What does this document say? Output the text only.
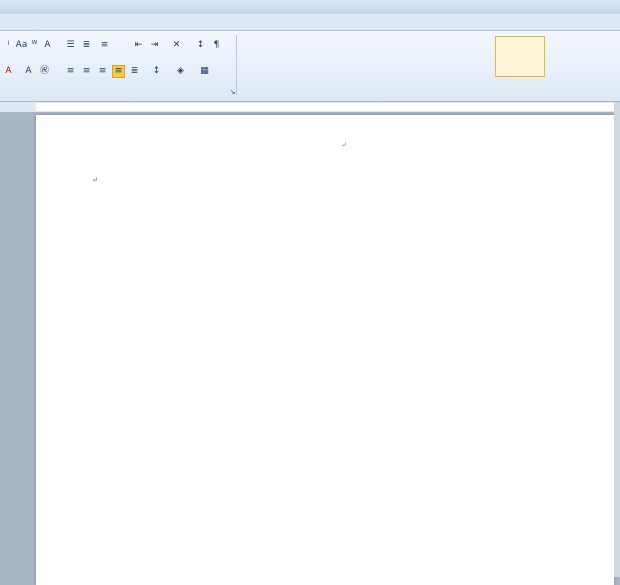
ʲ Aa ᵂ A	☰ ≣	≡	⇤ ⇥	✕	↕	¶
A	A ㊗	≡ ≡ ≡ ≡ ≣	↕	◈	▦
↘
↵
↵
